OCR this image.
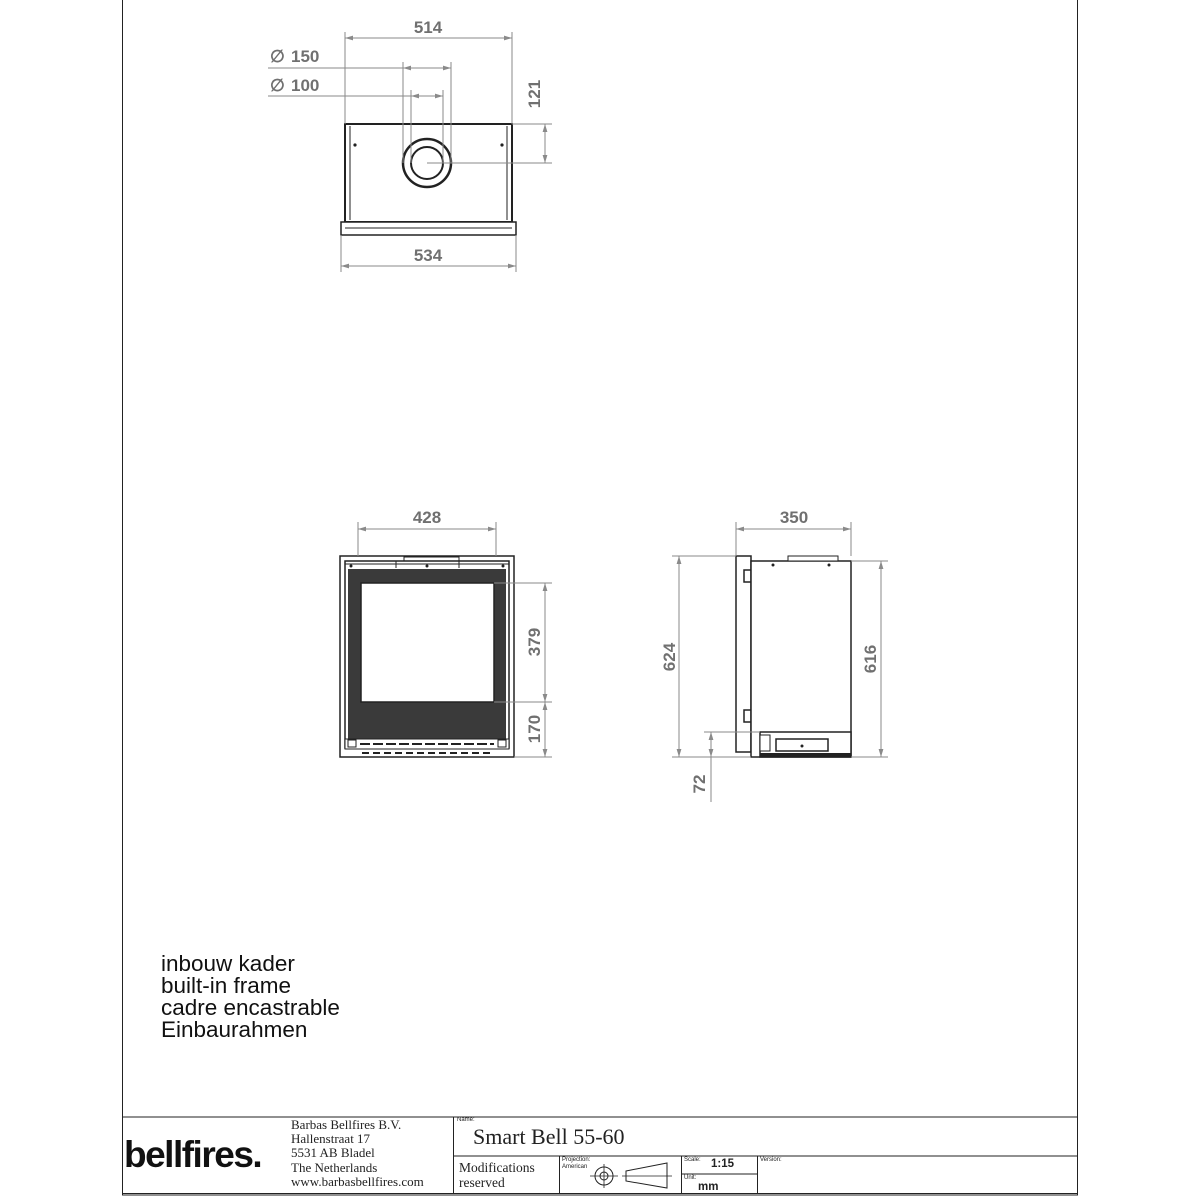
514
∅ 150
∅ 100	121
534
428
379
170
350
624	616
72
inbouw kader
built-in frame
cadre encastrable
Einbaurahmen
bellfires.
Barbas Bellfires B.V.
Hallenstraat 17
5531 AB Bladel
The Netherlands
www.barbasbellfires.com
Name:
Smart Bell 55-60
Modifications
reserved
Projection:
American
Scale: 1:15
Unit:
mm
Version:
